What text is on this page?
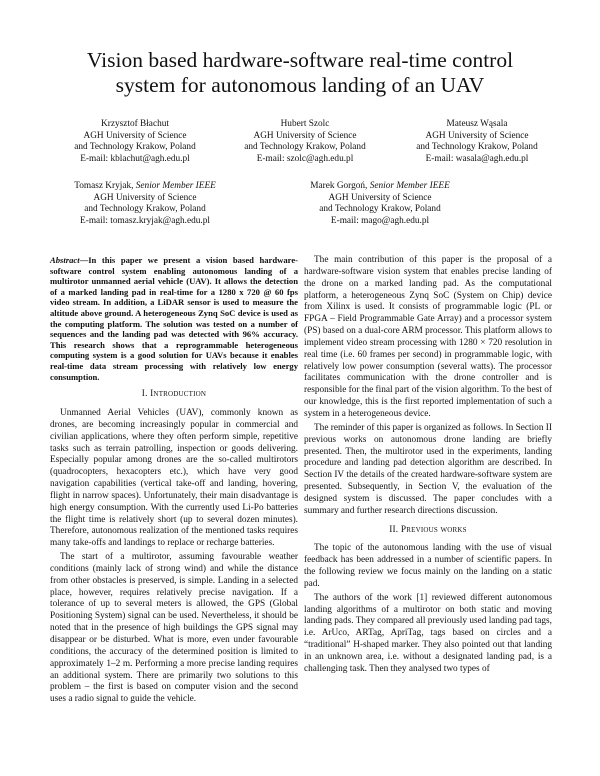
Vision based hardware-software real-time control
system for autonomous landing of an UAV
Krzysztof Błachut
AGH University of Science
and Technology Krakow, Poland
E-mail: kblachut@agh.edu.pl
Hubert Szolc
AGH University of Science
and Technology Krakow, Poland
E-mail: szolc@agh.edu.pl
Mateusz Wąsala
AGH University of Science
and Technology Krakow, Poland
E-mail: wasala@agh.edu.pl
Tomasz Kryjak, Senior Member IEEE
AGH University of Science
and Technology Krakow, Poland
E-mail: tomasz.kryjak@agh.edu.pl
Marek Gorgoń, Senior Member IEEE
AGH University of Science
and Technology Krakow, Poland
E-mail: mago@agh.edu.pl
Abstract—In this paper we present a vision based hardware-software control system enabling autonomous landing of a multirotor unmanned aerial vehicle (UAV). It allows the detection of a marked landing pad in real-time for a 1280 x 720 @ 60 fps video stream. In addition, a LiDAR sensor is used to measure the altitude above ground. A heterogeneous Zynq SoC device is used as the computing platform. The solution was tested on a number of sequences and the landing pad was detected with 96% accuracy. This research shows that a reprogrammable heterogeneous computing system is a good solution for UAVs because it enables real-time data stream processing with relatively low energy consumption.
I. Introduction

Unmanned Aerial Vehicles (UAV), commonly known as drones, are becoming increasingly popular in commercial and civilian applications, where they often perform simple, repetitive tasks such as terrain patrolling, inspection or goods delivering. Especially popular among drones are the so-called multirotors (quadrocopters, hexacopters etc.), which have very good navigation capabilities (vertical take-off and landing, hovering, flight in narrow spaces). Unfortunately, their main disadvantage is high energy consumption. With the currently used Li-Po batteries the flight time is relatively short (up to several dozen minutes). Therefore, autonomous realization of the mentioned tasks requires many take-offs and landings to replace or recharge batteries.

The start of a multirotor, assuming favourable weather conditions (mainly lack of strong wind) and while the distance from other obstacles is preserved, is simple. Landing in a selected place, however, requires relatively precise navigation. If a tolerance of up to several meters is allowed, the GPS (Global Positioning System) signal can be used. Nevertheless, it should be noted that in the presence of high buildings the GPS signal may disappear or be disturbed. What is more, even under favourable conditions, the accuracy of the determined position is limited to approximately 1–2 m. Performing a more precise landing requires an additional system. There are primarily two solutions to this problem – the first is based on computer vision and the second uses a radio signal to guide the vehicle.

The main contribution of this paper is the proposal of a hardware-software vision system that enables precise landing of the drone on a marked landing pad. As the computational platform, a heterogeneous Zynq SoC (System on Chip) device from Xilinx is used. It consists of programmable logic (PL or FPGA – Field Programmable Gate Array) and a processor system (PS) based on a dual-core ARM processor. This platform allows to implement video stream processing with 1280 × 720 resolution in real time (i.e. 60 frames per second) in programmable logic, with relatively low power consumption (several watts). The processor facilitates communication with the drone controller and is responsible for the final part of the vision algorithm. To the best of our knowledge, this is the first reported implementation of such a system in a heterogeneous device.

The reminder of this paper is organized as follows. In Section II previous works on autonomous drone landing are briefly presented. Then, the multirotor used in the experiments, landing procedure and landing pad detection algorithm are described. In Section IV the details of the created hardware-software system are presented. Subsequently, in Section V, the evaluation of the designed system is discussed. The paper concludes with a summary and further research directions discussion.

II. Previous works

The topic of the autonomous landing with the use of visual feedback has been addressed in a number of scientific papers. In the following review we focus mainly on the landing on a static pad.

The authors of the work [1] reviewed different autonomous landing algorithms of a multirotor on both static and moving landing pads. They compared all previously used landing pad tags, i.e. ArUco, ARTag, ApriTag, tags based on circles and a “traditional” H-shaped marker. They also pointed out that landing in an unknown area, i.e. without a designated landing pad, is a challenging task. Then they analysed two types of
